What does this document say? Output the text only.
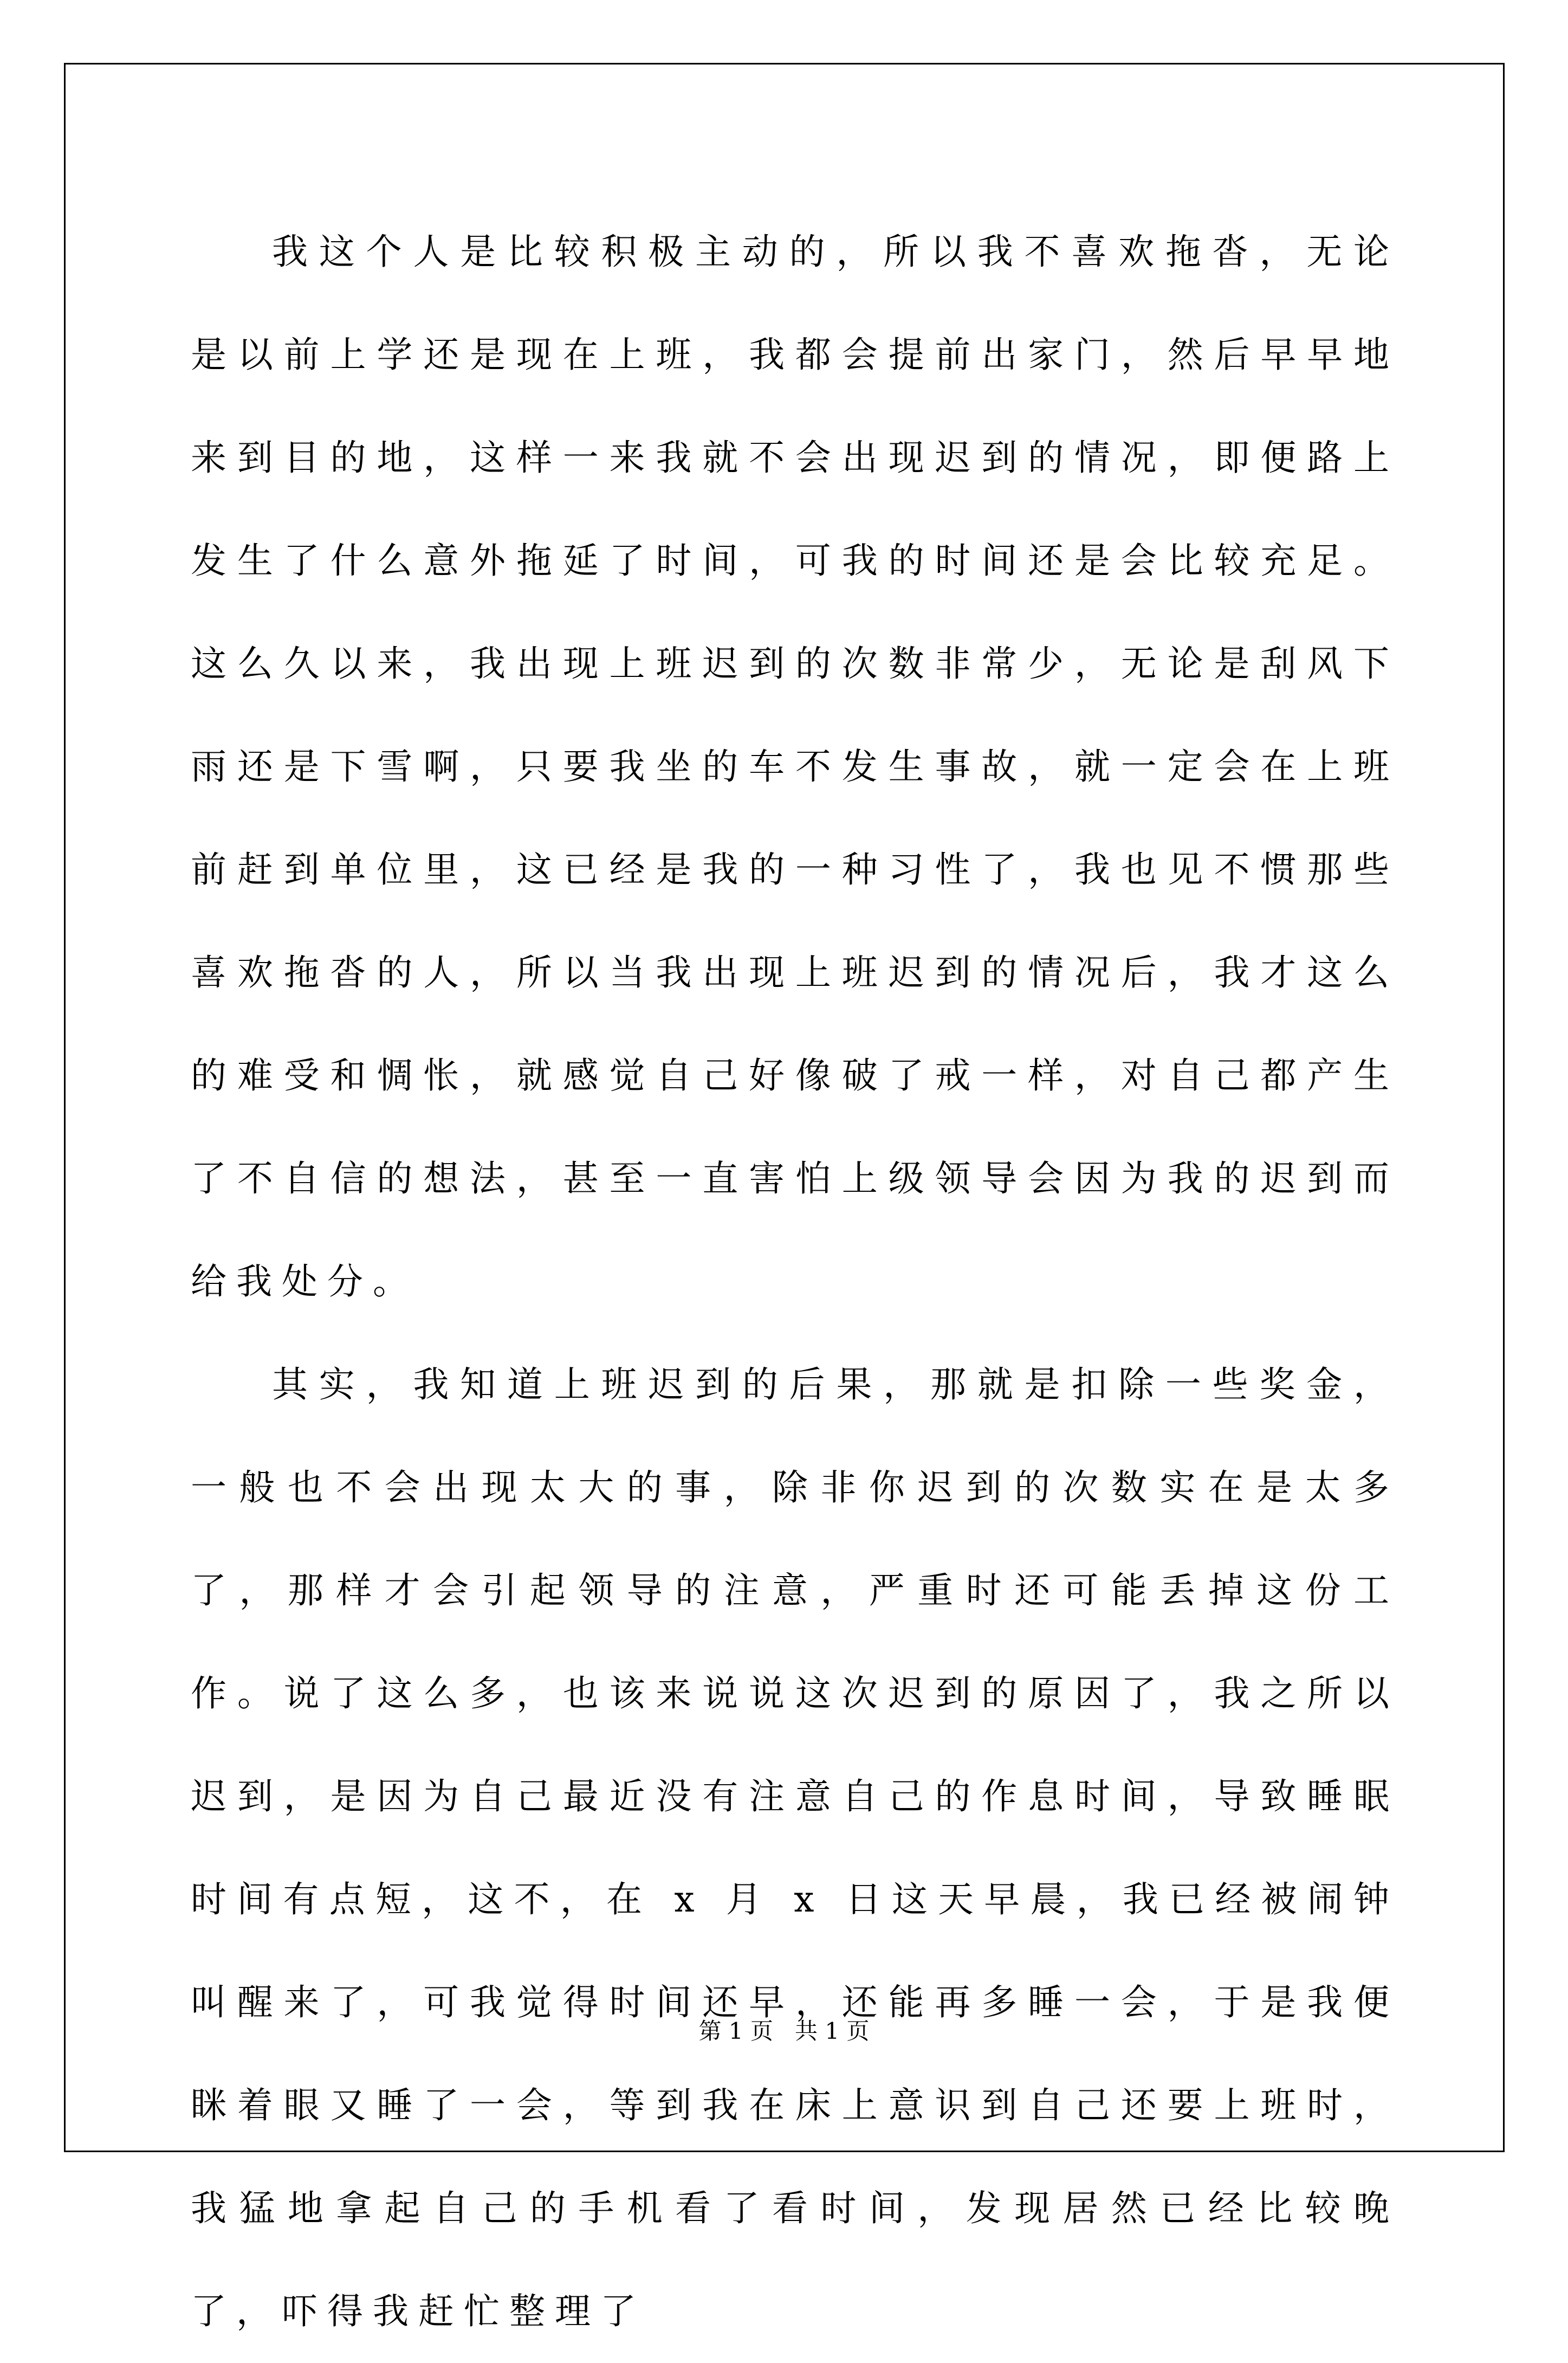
我这个人是比较积极主动的，所以我不喜欢拖沓，无论是以前上学还是现在上班，我都会提前出家门，然后早早地来到目的地，这样一来我就不会出现迟到的情况，即便路上发生了什么意外拖延了时间，可我的时间还是会比较充足。这么久以来，我出现上班迟到的次数非常少，无论是刮风下雨还是下雪啊，只要我坐的车不发生事故，就一定会在上班前赶到单位里，这已经是我的一种习性了，我也见不惯那些喜欢拖沓的人，所以当我出现上班迟到的情况后，我才这么的难受和惆怅，就感觉自己好像破了戒一样，对自己都产生了不自信的想法，甚至一直害怕上级领导会因为我的迟到而给我处分。

其实，我知道上班迟到的后果，那就是扣除一些奖金，一般也不会出现太大的事，除非你迟到的次数实在是太多了，那样才会引起领导的注意，严重时还可能丢掉这份工作。说了这么多，也该来说说这次迟到的原因了，我之所以迟到，是因为自己最近没有注意自己的作息时间，导致睡眠时间有点短，这不，在 x 月 x 日这天早晨，我已经被闹钟叫醒来了，可我觉得时间还早，还能再多睡一会，于是我便眯着眼又睡了一会，等到我在床上意识到自己还要上班时，我猛地拿起自己的手机看了看时间，发现居然已经比较晚了，吓得我赶忙整理了

第 1 页   共 1 页
